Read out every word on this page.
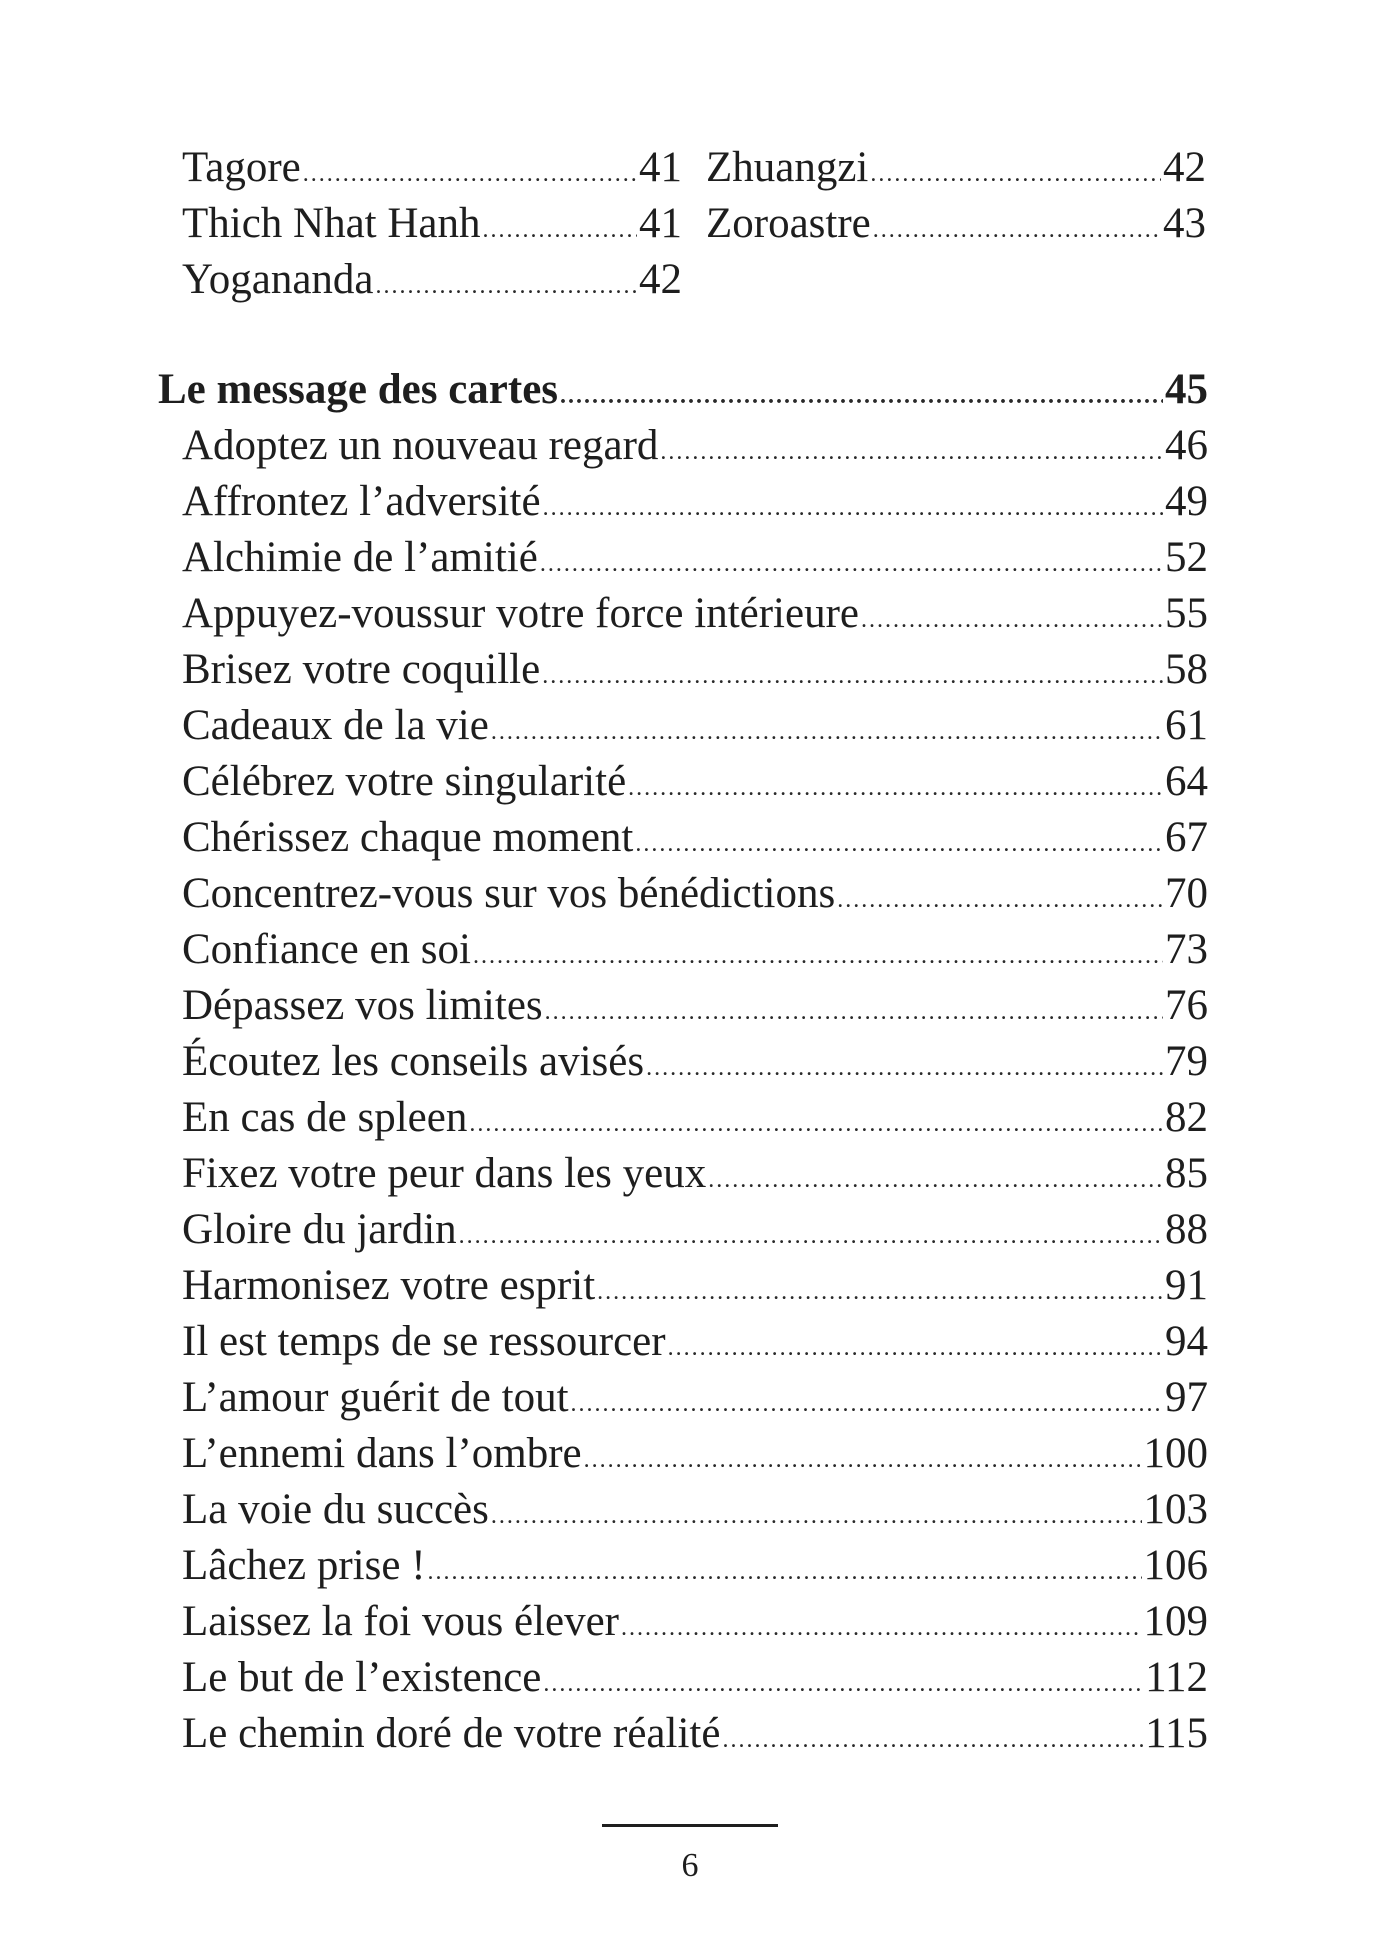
Tagore .....	41
Thich Nhat Hanh .....	41
Yogananda .....	42
Zhuangzi .....	42
Zoroastre .....	43
Le message des cartes .....	45
Adoptez un nouveau regard .....	46
Affrontez l’adversité .....	49
Alchimie de l’amitié .....	52
Appuyez-voussur votre force intérieure .....	55
Brisez votre coquille .....	58
Cadeaux de la vie .....	61
Célébrez votre singularité .....	64
Chérissez chaque moment .....	67
Concentrez-vous sur vos bénédictions .....	70
Confiance en soi .....	73
Dépassez vos limites .....	76
Écoutez les conseils avisés .....	79
En cas de spleen .....	82
Fixez votre peur dans les yeux .....	85
Gloire du jardin .....	88
Harmonisez votre esprit .....	91
Il est temps de se ressourcer .....	94
L’amour guérit de tout .....	97
L’ennemi dans l’ombre .....	100
La voie du succès .....	103
Lâchez prise ! .....	106
Laissez la foi vous élever .....	109
Le but de l’existence .....	112
Le chemin doré de votre réalité .....	115
6
